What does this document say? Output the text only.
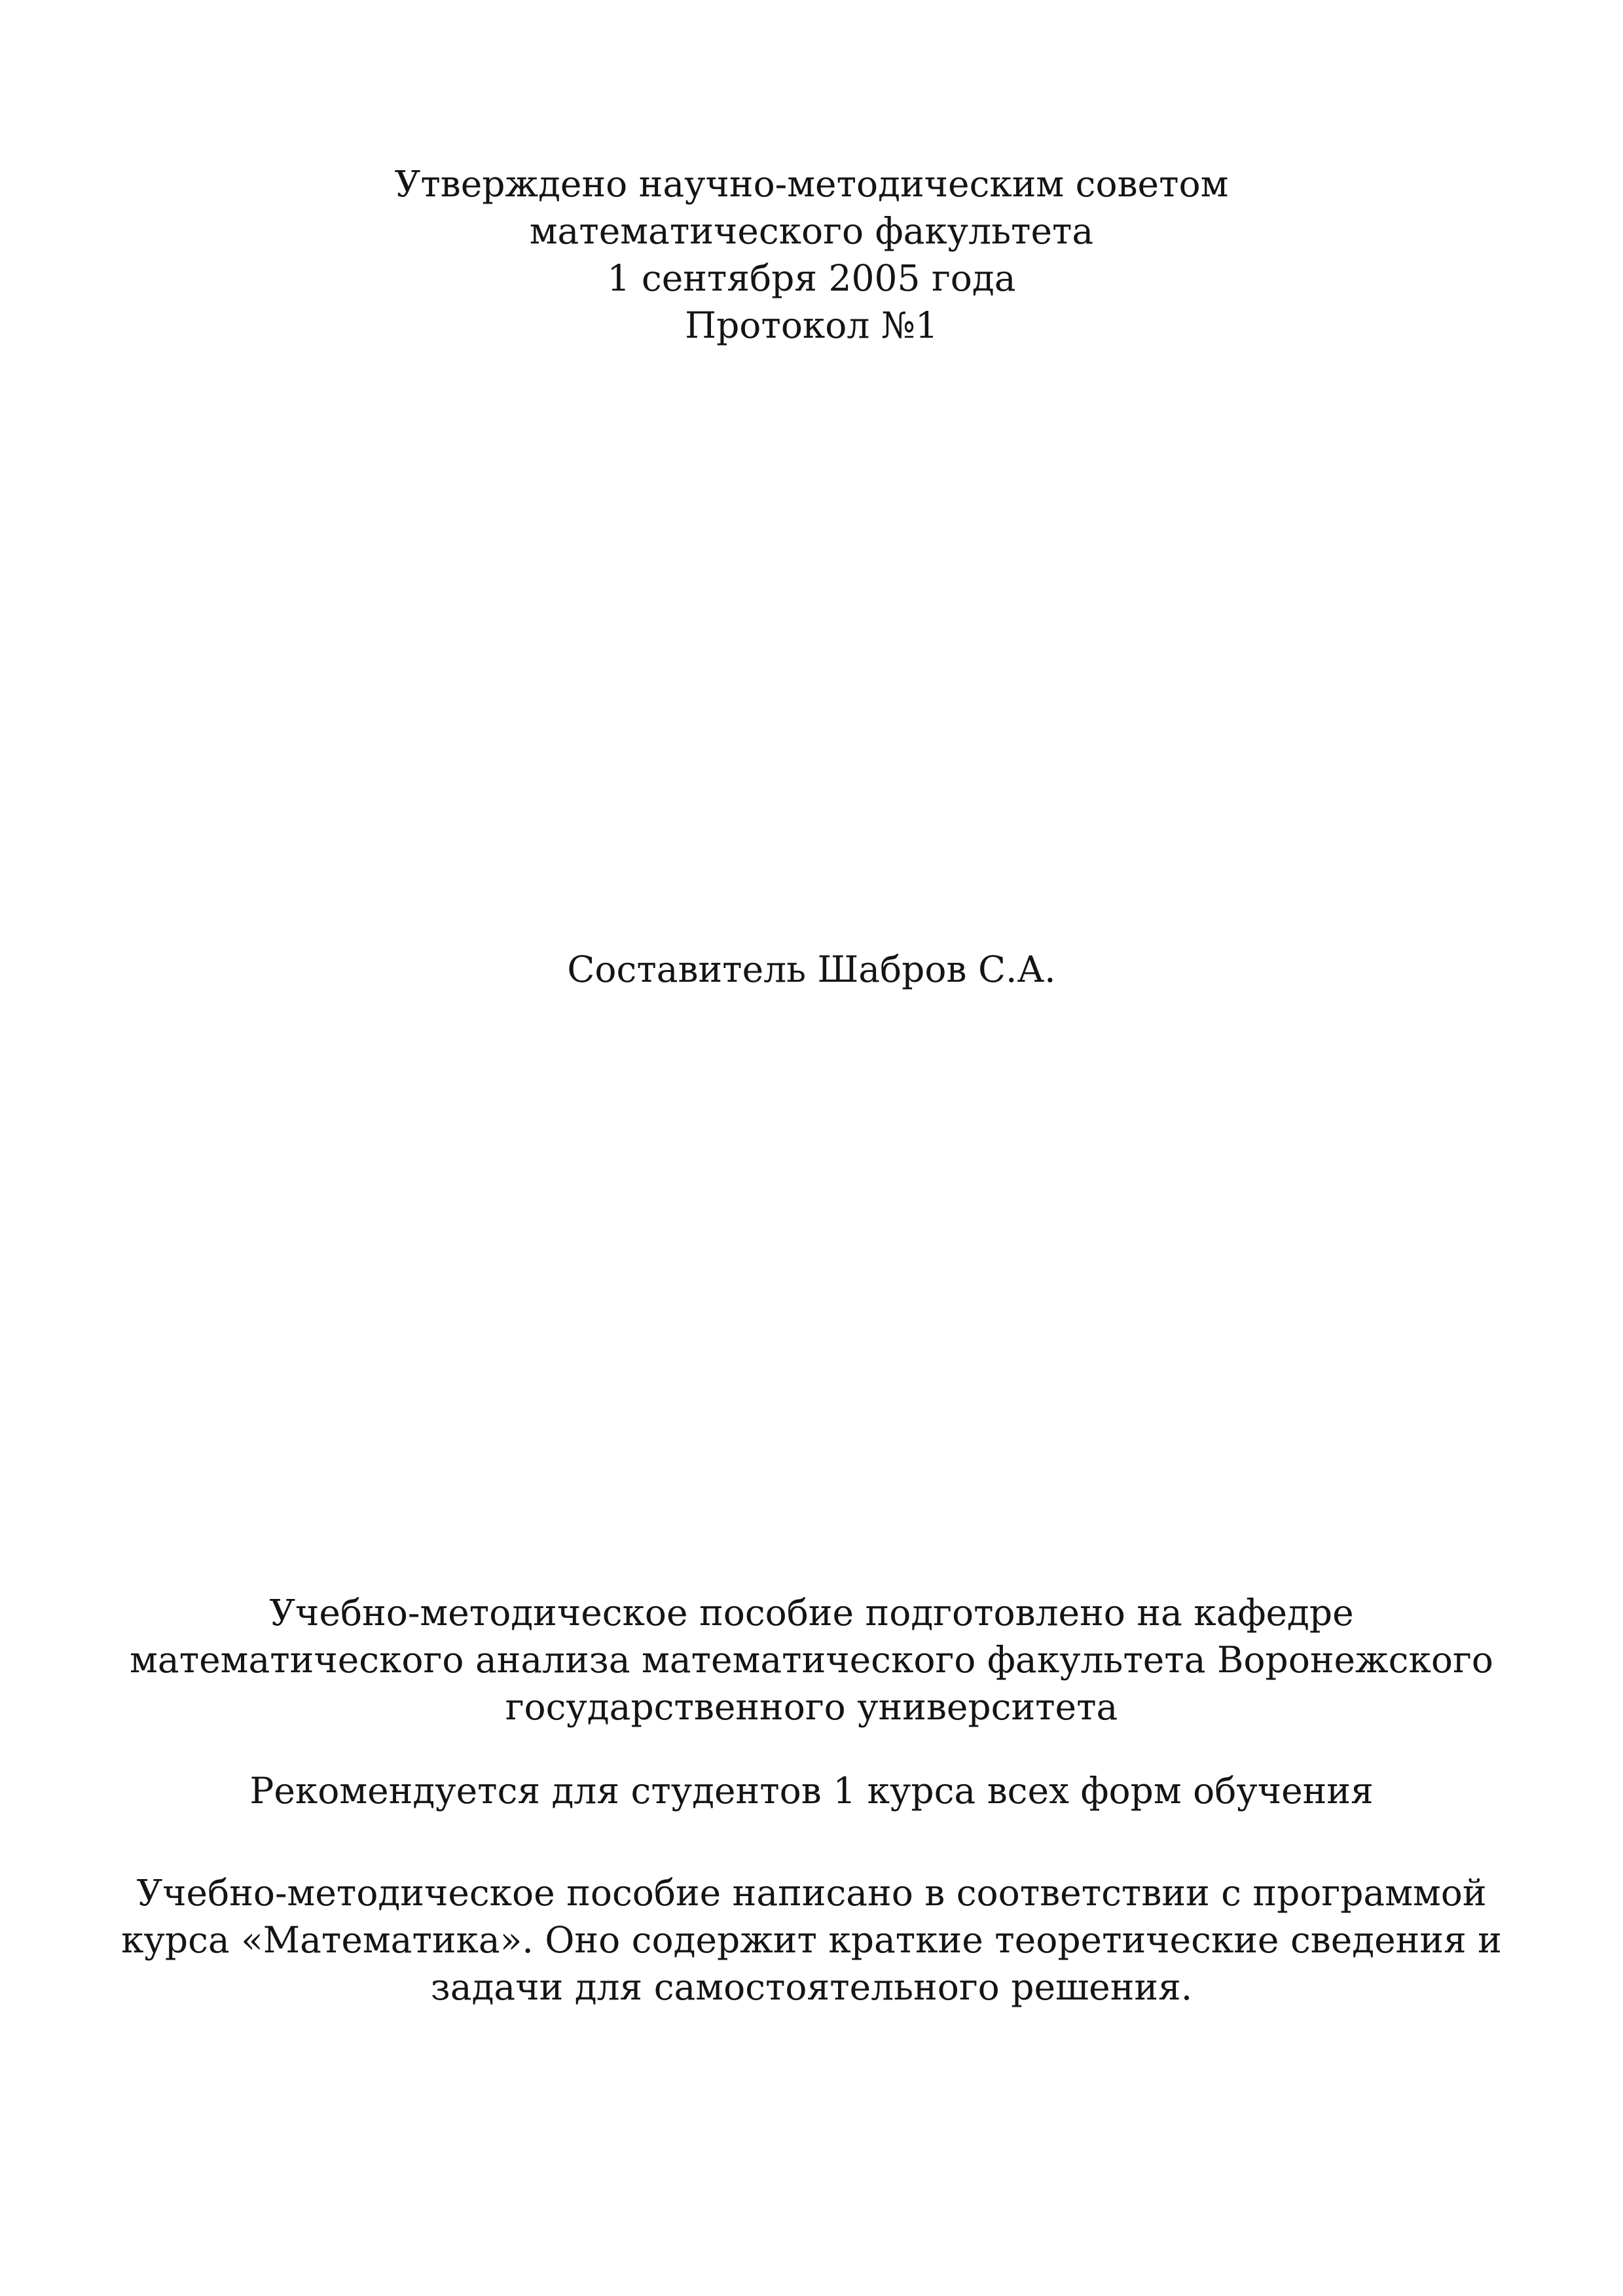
Утверждено научно-методическим советом
математического факультета
1 сентября 2005 года
Протокол №1
Составитель Шабров С.А.
Учебно-методическое пособие подготовлено на кафедре
математического анализа математического факультета Воронежского
государственного университета
Рекомендуется для студентов 1 курса всех форм обучения
Учебно-методическое пособие написано в соответствии с программой
курса «Математика». Оно содержит краткие теоретические сведения и
задачи для самостоятельного решения.
